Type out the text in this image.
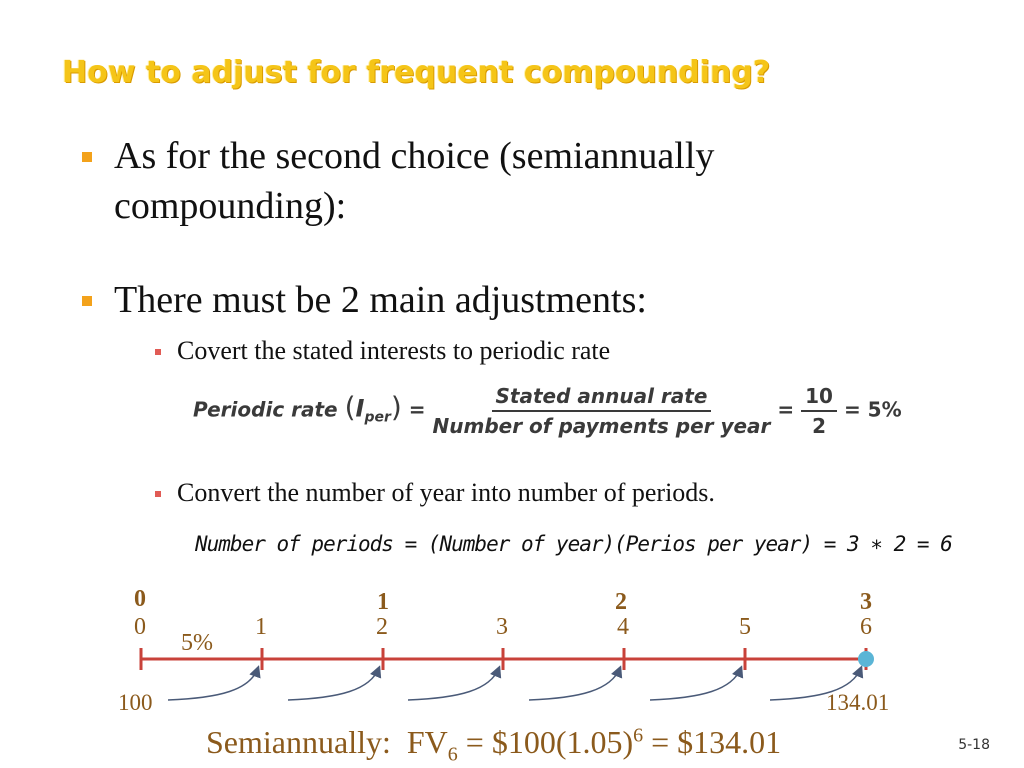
How to adjust for frequent compounding?
As for the second choice (semiannually
compounding):
There must be 2 main adjustments:
Covert the stated interests to periodic rate
Convert the number of year into number of periods.
Periodic rate $(I_{per}) = \frac{\text{Stated annual rate}}{\text{Number of payments per year}} = \frac{10}{2} = 5\%$
Number of periods = (Number of year)(Perios per year) = 3 ∗ 2 = 6
0	1	2	3
0	1	2	3	4	5	6
5%
100	134.01
Semiannually: $FV_6$ = $\$100(1.05)^6$ = $134.01	5-18
